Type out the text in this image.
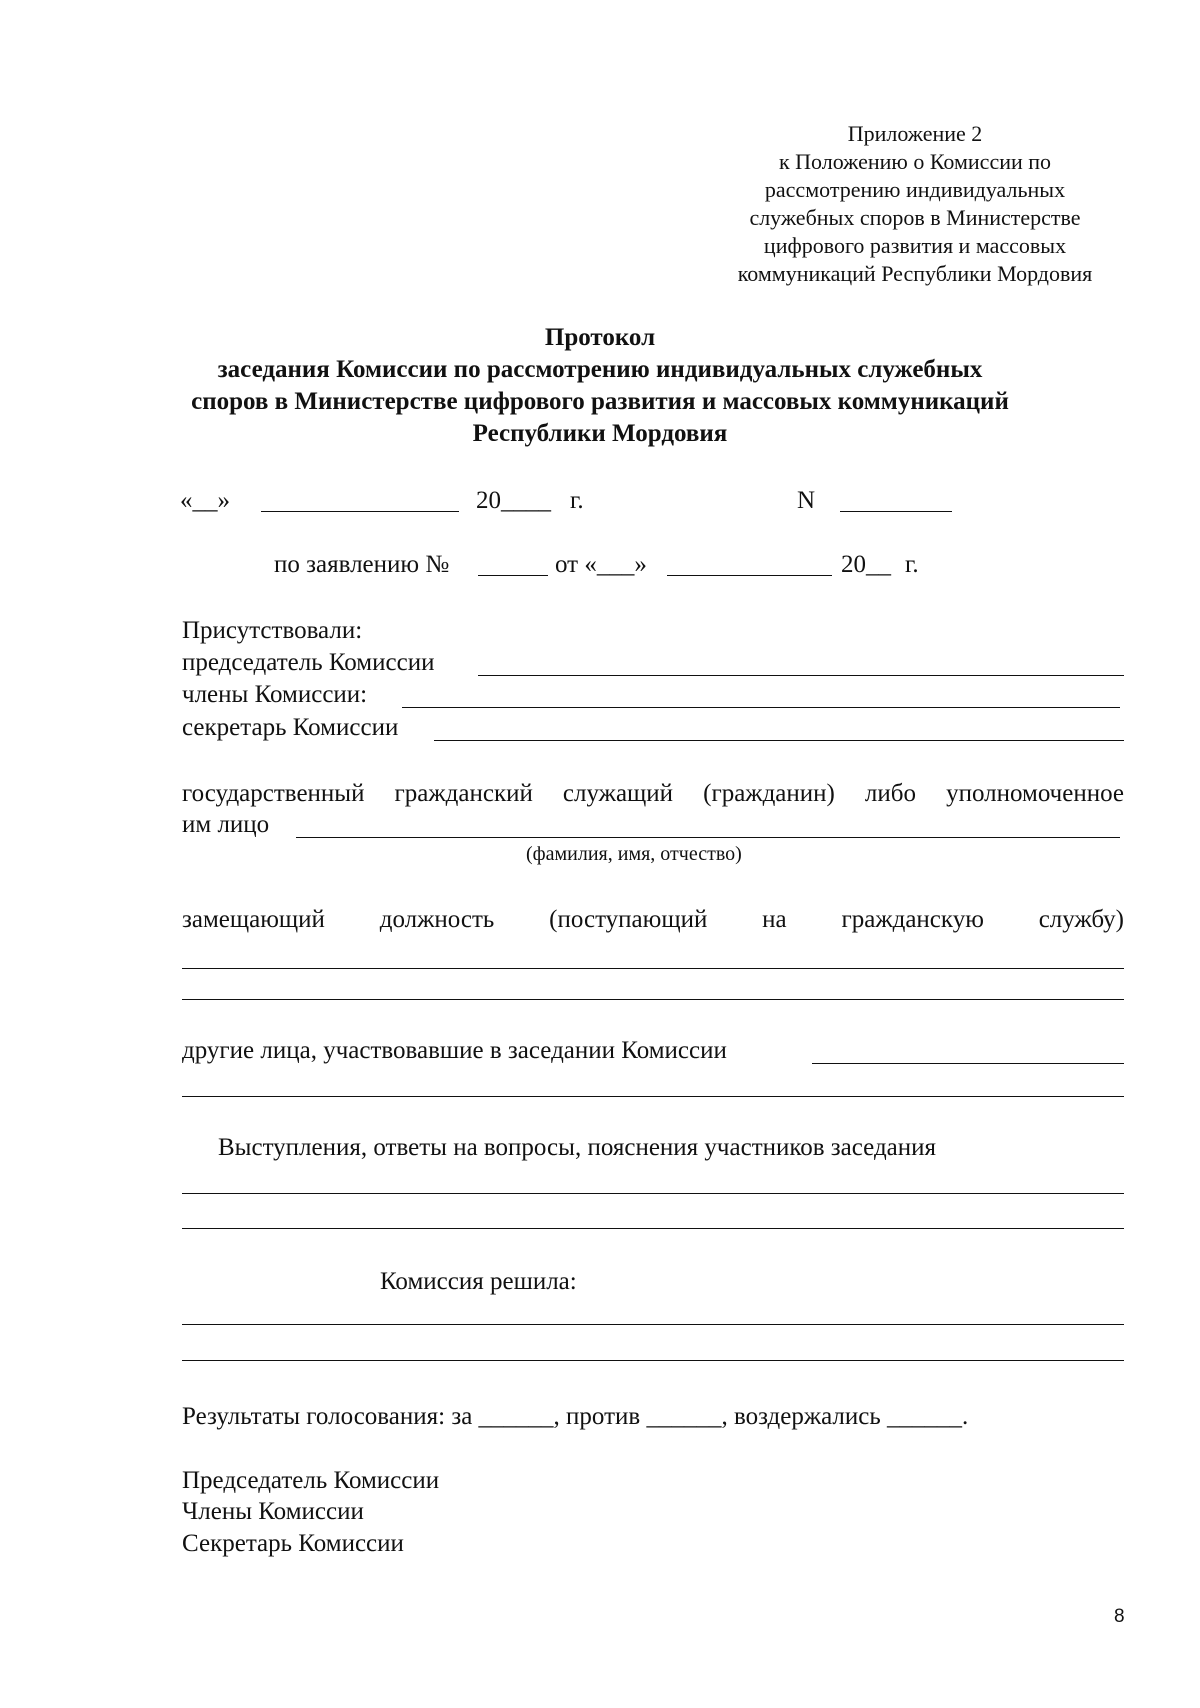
Приложение 2
к Положению о Комиссии по
рассмотрению индивидуальных
служебных споров в Министерстве
цифрового развития и массовых
коммуникаций Республики Мордовия
Протокол
заседания Комиссии по рассмотрению индивидуальных служебных
споров в Министерстве цифрового развития и массовых коммуникаций
Республики Мордовия
«__»	20____ г.	N
по заявлению №	от «___»	20__ г.
Присутствовали:
председатель Комиссии
члены Комиссии:
секретарь Комиссии
государственный гражданский служащий (гражданин) либо уполномоченное
им лицо
(фамилия, имя, отчество)
замещающий должность (поступающий на гражданскую службу)
другие лица, участвовавшие в заседании Комиссии
Выступления, ответы на вопросы, пояснения участников заседания
Комиссия решила:
Результаты голосования: за ______, против ______, воздержались ______.
Председатель Комиссии
Члены Комиссии
Секретарь Комиссии
8
